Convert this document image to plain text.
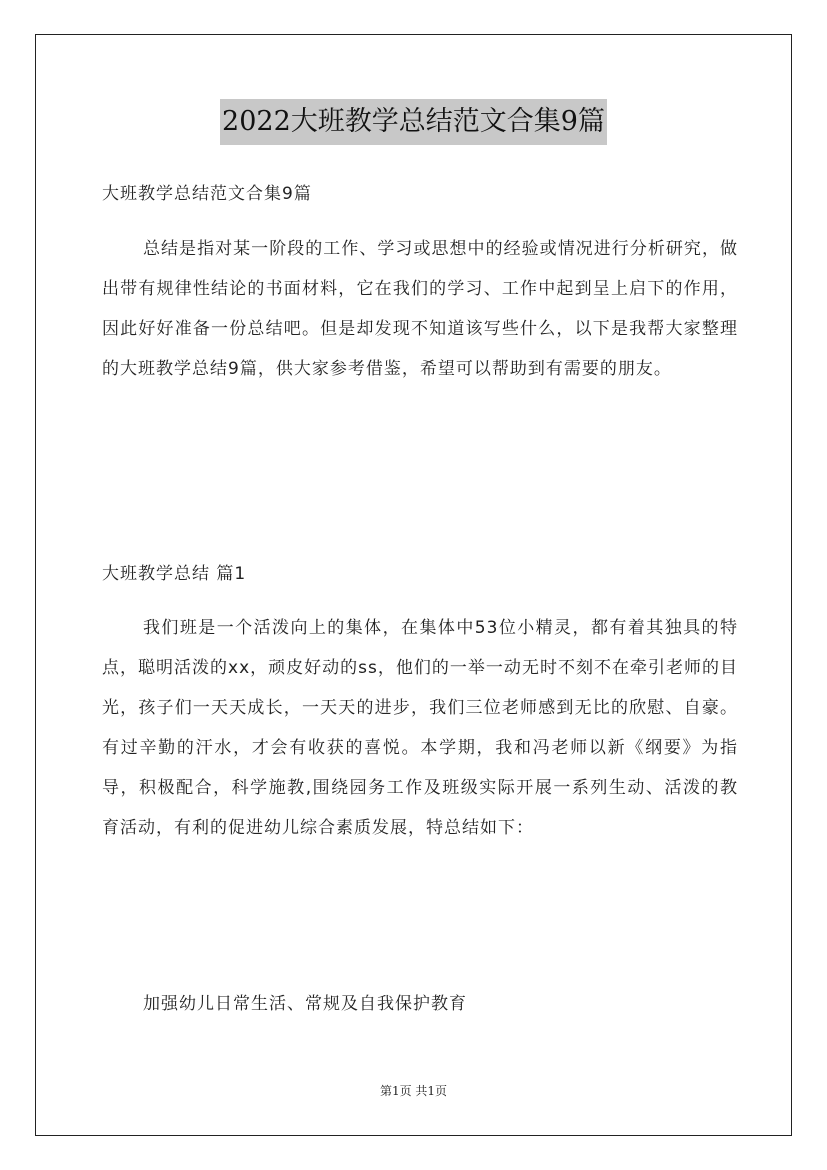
2022大班教学总结范文合集9篇
大班教学总结范文合集9篇

总结是指对某一阶段的工作、学习或思想中的经验或情况进行分析研究，做出带有规律性结论的书面材料，它在我们的学习、工作中起到呈上启下的作用，因此好好准备一份总结吧。但是却发现不知道该写些什么，以下是我帮大家整理的大班教学总结9篇，供大家参考借鉴，希望可以帮助到有需要的朋友。

大班教学总结 篇1

我们班是一个活泼向上的集体，在集体中53位小精灵，都有着其独具的特点，聪明活泼的xx，顽皮好动的ss，他们的一举一动无时不刻不在牵引老师的目光，孩子们一天天成长，一天天的进步，我们三位老师感到无比的欣慰、自豪。有过辛勤的汗水，才会有收获的喜悦。本学期，我和冯老师以新《纲要》为指导，积极配合，科学施教,围绕园务工作及班级实际开展一系列生动、活泼的教育活动，有利的促进幼儿综合素质发展，特总结如下：

加强幼儿日常生活、常规及自我保护教育

第1页 共1页
